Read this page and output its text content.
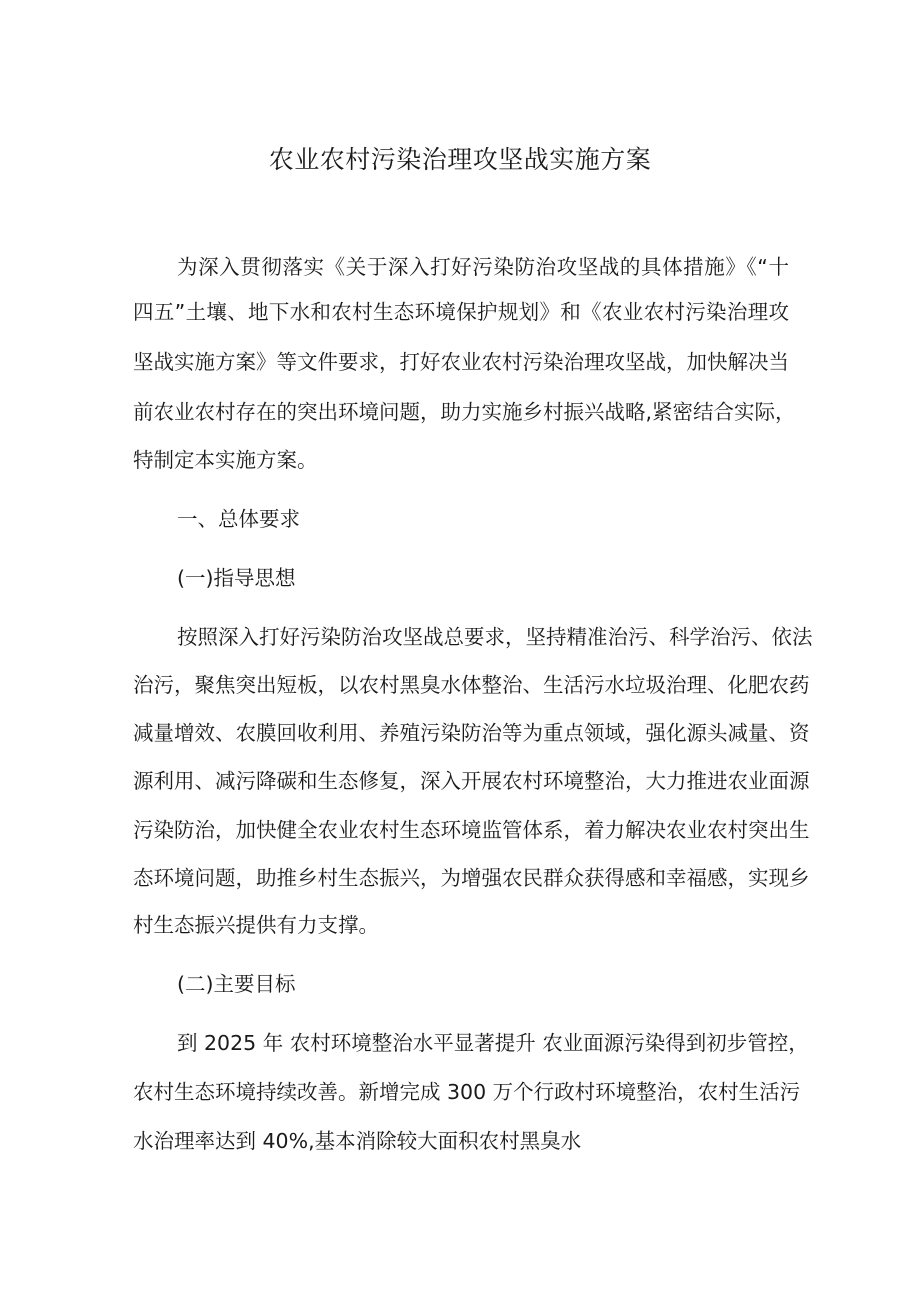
农业农村污染治理攻坚战实施方案

为深入贯彻落实《关于深入打好污染防治攻坚战的具体措施》《“十

四五”土壤、地下水和农村生态环境保护规划》和《农业农村污染治理攻

坚战实施方案》等文件要求，打好农业农村污染治理攻坚战，加快解决当

前农业农村存在的突出环境问题，助力实施乡村振兴战略,紧密结合实际，

特制定本实施方案。

一、总体要求

(一)指导思想

按照深入打好污染防治攻坚战总要求，坚持精准治污、科学治污、依法

治污，聚焦突出短板，以农村黑臭水体整治、生活污水垃圾治理、化肥农药

减量增效、农膜回收利用、养殖污染防治等为重点领域，强化源头减量、资

源利用、减污降碳和生态修复，深入开展农村环境整治，大力推进农业面源

污染防治，加快健全农业农村生态环境监管体系，着力解决农业农村突出生

态环境问题，助推乡村生态振兴，为增强农民群众获得感和幸福感，实现乡

村生态振兴提供有力支撑。

(二)主要目标

到 2025 年 农村环境整治水平显著提升 农业面源污染得到初步管控，

农村生态环境持续改善。新增完成 300 万个行政村环境整治，农村生活污

水治理率达到 40%,基本消除较大面积农村黑臭水
